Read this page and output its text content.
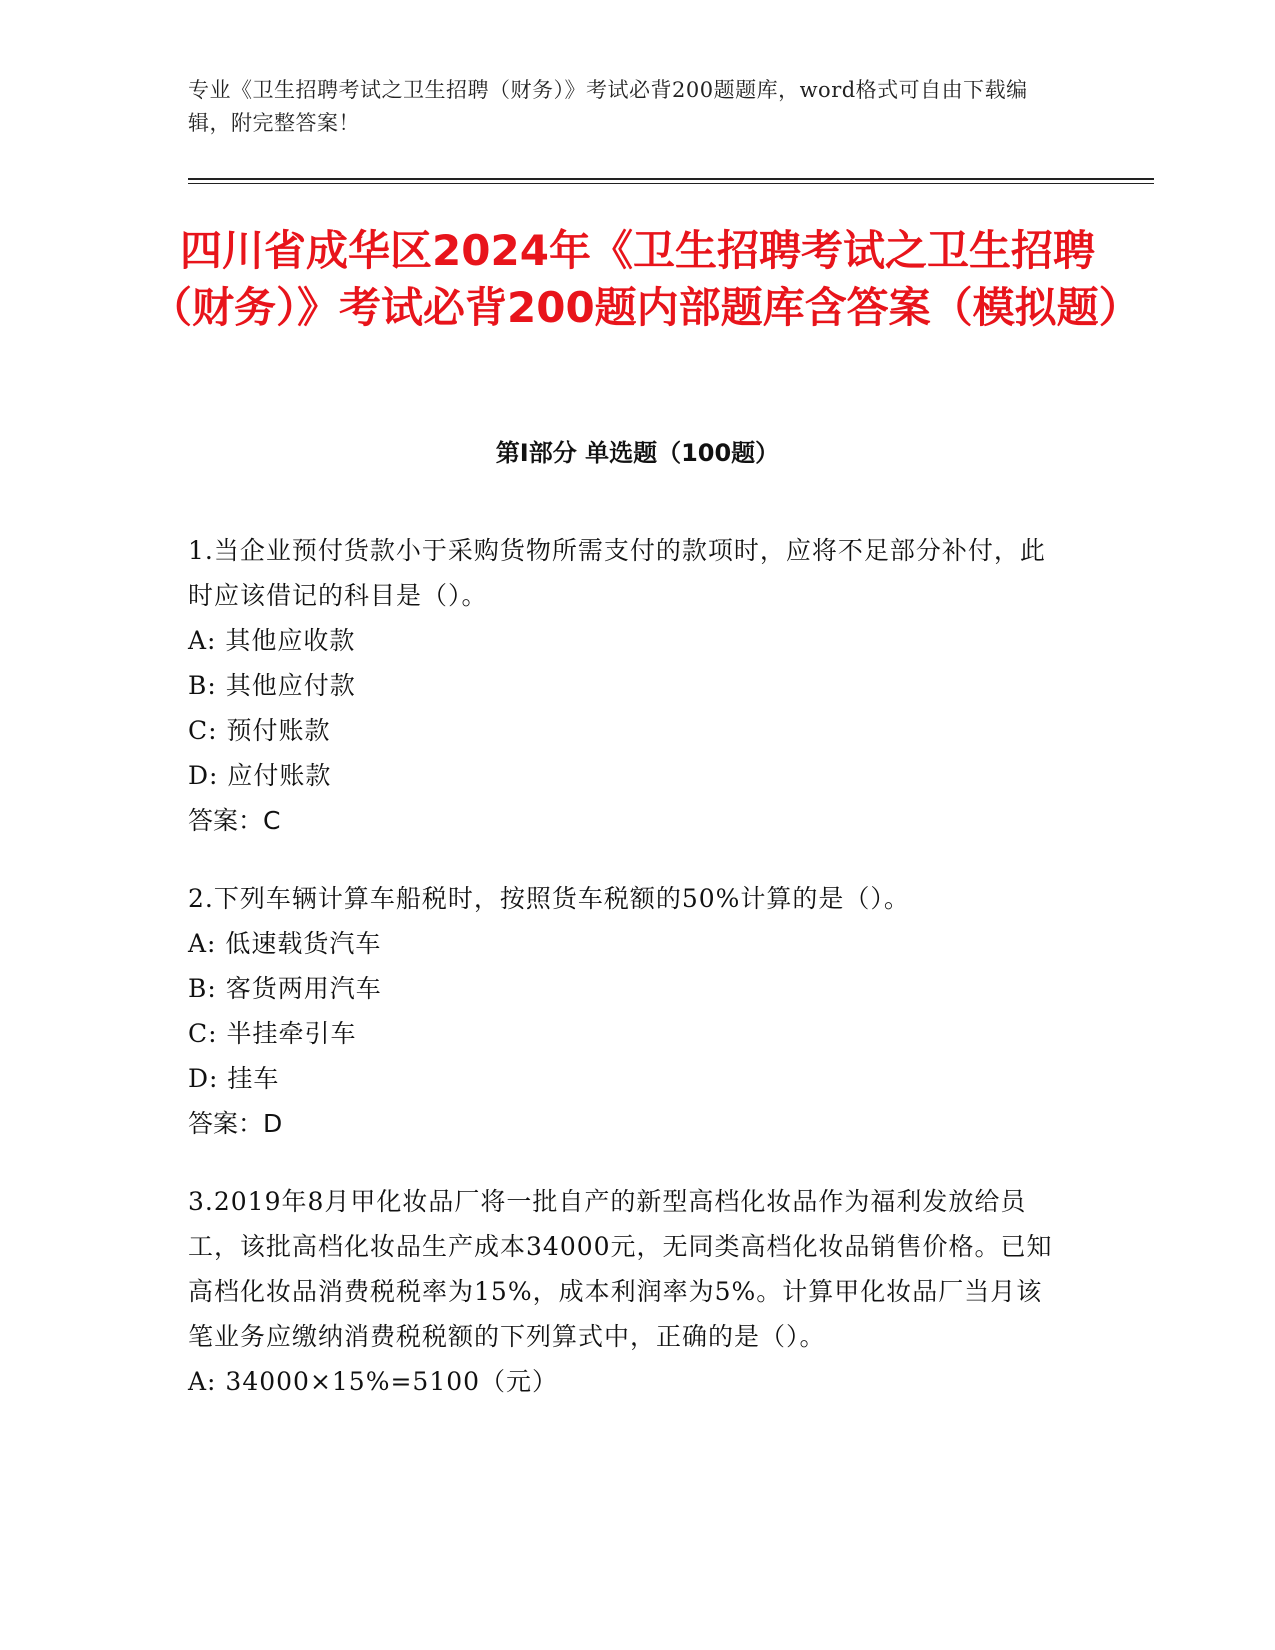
专业《卫生招聘考试之卫生招聘（财务）》考试必背200题题库，word格式可自由下载编辑，附完整答案！
四川省成华区2024年《卫生招聘考试之卫生招聘（财务）》考试必背200题内部题库含答案（模拟题）
第Ⅰ部分 单选题（100题）

1.当企业预付货款小于采购货物所需支付的款项时，应将不足部分补付，此时应该借记的科目是（）。

A: 其他应收款

B: 其他应付款

C: 预付账款

D: 应付账款

答案：C

2.下列车辆计算车船税时，按照货车税额的50%计算的是（）。

A: 低速载货汽车

B: 客货两用汽车

C: 半挂牵引车

D: 挂车

答案：D

3.2019年8月甲化妆品厂将一批自产的新型高档化妆品作为福利发放给员工，该批高档化妆品生产成本34000元，无同类高档化妆品销售价格。已知高档化妆品消费税税率为15%，成本利润率为5%。计算甲化妆品厂当月该笔业务应缴纳消费税税额的下列算式中，正确的是（）。

A: 34000×15%=5100（元）
